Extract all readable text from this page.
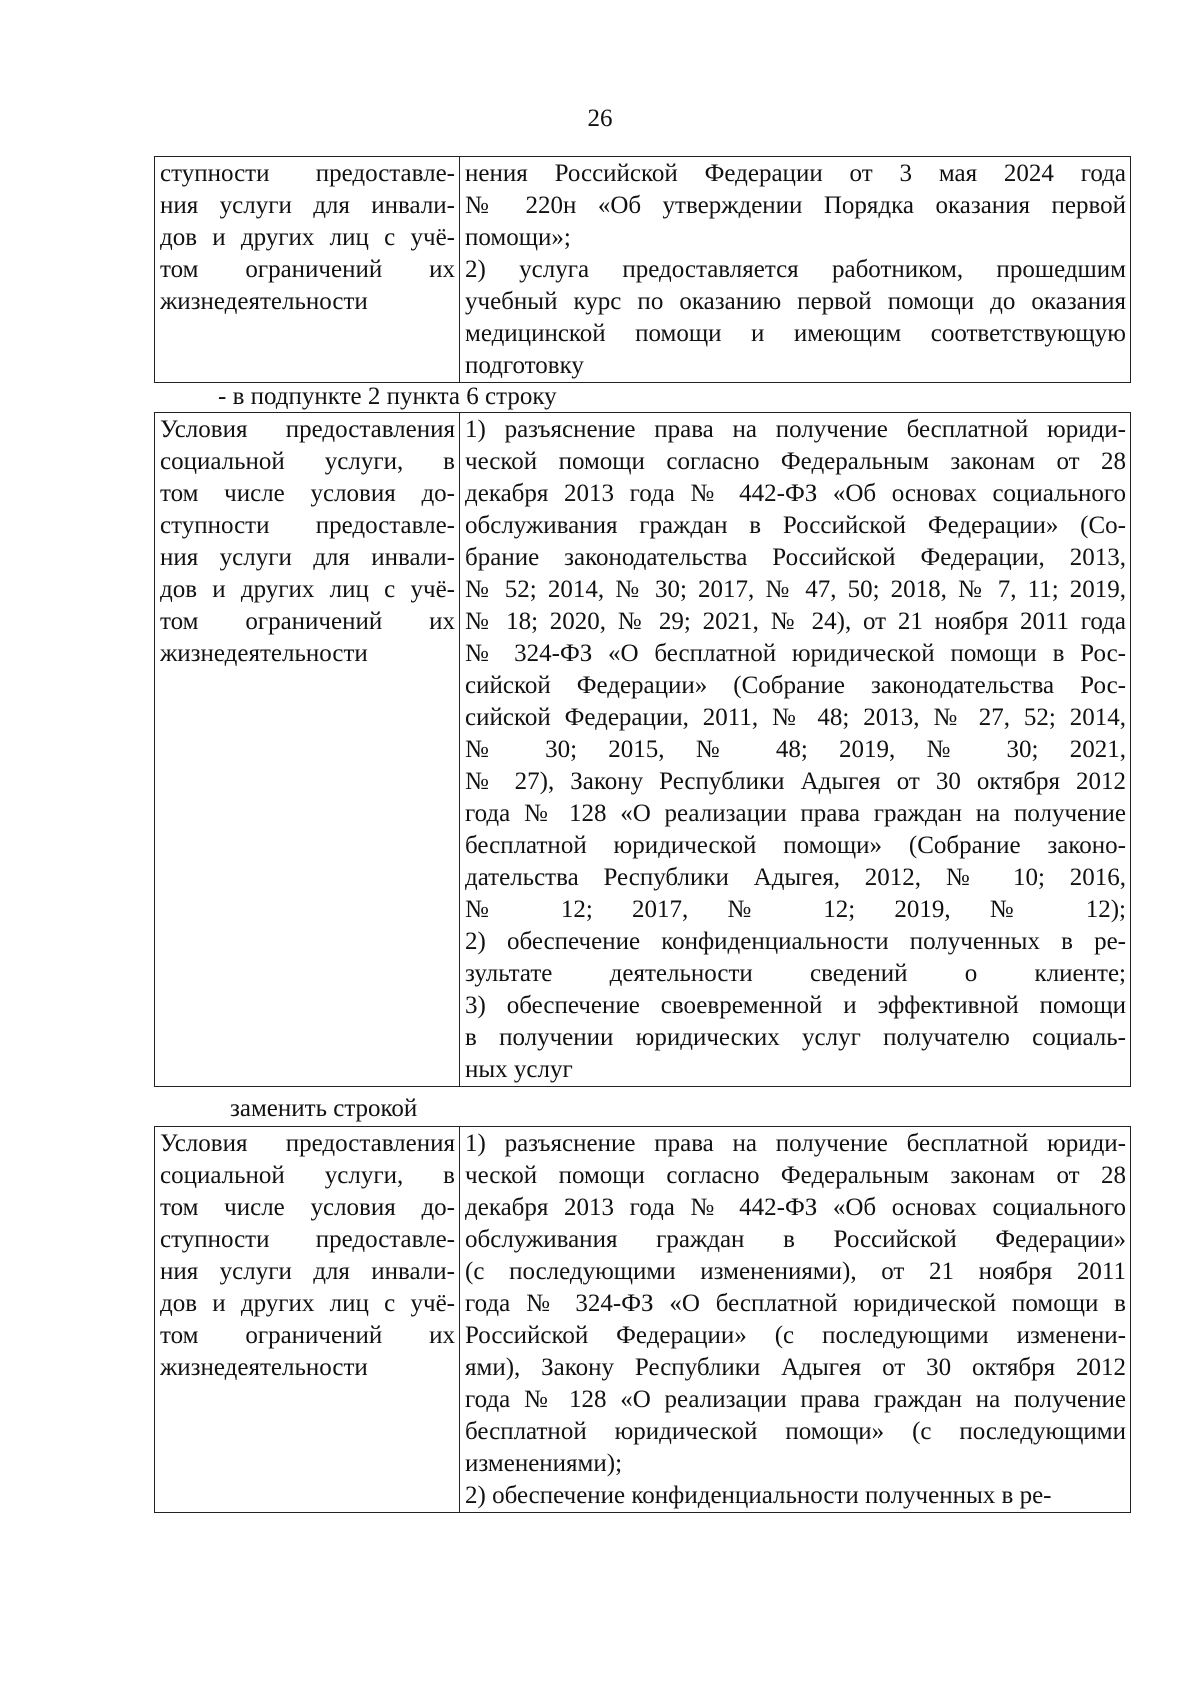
26
ступности предоставле-
ния услуги для инвали-
дов и других лиц с учё-
том ограничений их
жизнедеятельности

нения Российской Федерации от 3 мая 2024 года
№ 220н «Об утверждении Порядка оказания первой
помощи»;
2) услуга предоставляется работником, прошедшим
учебный курс по оказанию первой помощи до оказания
медицинской помощи и имеющим соответствующую
подготовку
- в подпункте 2 пункта 6 строку
Условия предоставления
социальной услуги, в
том числе условия до-
ступности предоставле-
ния услуги для инвали-
дов и других лиц с учё-
том ограничений их
жизнедеятельности

1) разъяснение права на получение бесплатной юриди-
ческой помощи согласно Федеральным законам от 28
декабря 2013 года № 442-ФЗ «Об основах социального
обслуживания граждан в Российской Федерации» (Со-
брание законодательства Российской Федерации, 2013,
№ 52; 2014, № 30; 2017, № 47, 50; 2018, № 7, 11; 2019,
№ 18; 2020, № 29; 2021, № 24), от 21 ноября 2011 года
№ 324-ФЗ «О бесплатной юридической помощи в Рос-
сийской Федерации» (Собрание законодательства Рос-
сийской Федерации, 2011, № 48; 2013, № 27, 52; 2014,
№ 30; 2015, № 48; 2019, № 30; 2021,
№ 27), Закону Республики Адыгея от 30 октября 2012
года № 128 «О реализации права граждан на получение
бесплатной юридической помощи» (Собрание законо-
дательства Республики Адыгея, 2012, № 10; 2016,
№ 12; 2017, № 12; 2019, № 12);
2) обеспечение конфиденциальности полученных в ре-
зультате деятельности сведений о клиенте;
3) обеспечение своевременной и эффективной помощи
в получении юридических услуг получателю социаль-
ных услуг
заменить строкой
Условия предоставления
социальной услуги, в
том числе условия до-
ступности предоставле-
ния услуги для инвали-
дов и других лиц с учё-
том ограничений их
жизнедеятельности

1) разъяснение права на получение бесплатной юриди-
ческой помощи согласно Федеральным законам от 28
декабря 2013 года № 442-ФЗ «Об основах социального
обслуживания граждан в Российской Федерации»
(с последующими изменениями), от 21 ноября 2011
года № 324-ФЗ «О бесплатной юридической помощи в
Российской Федерации» (с последующими изменени-
ями), Закону Республики Адыгея от 30 октября 2012
года № 128 «О реализации права граждан на получение
бесплатной юридической помощи» (с последующими
изменениями);
2) обеспечение конфиденциальности полученных в ре-
